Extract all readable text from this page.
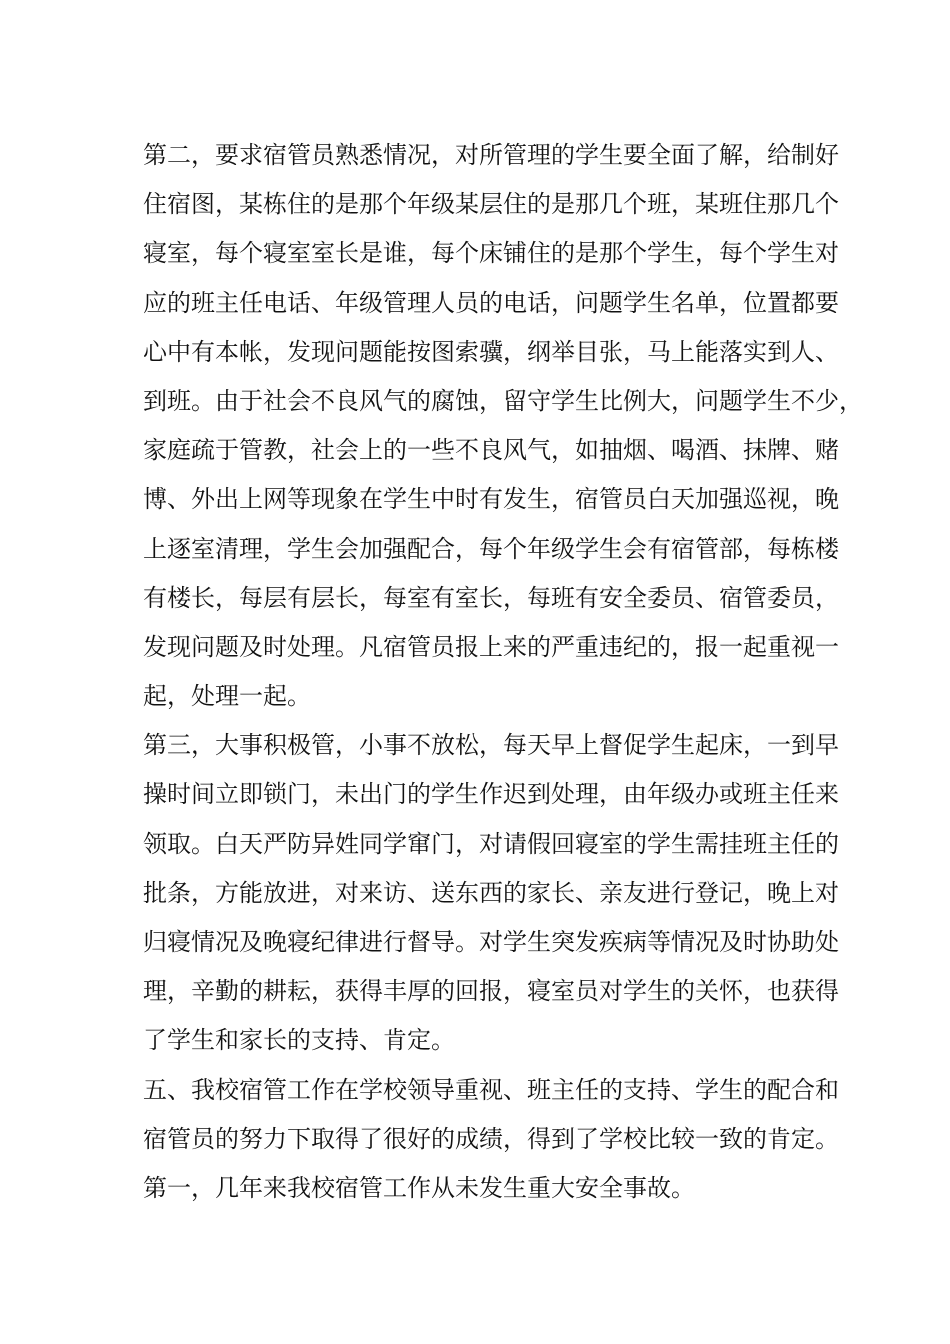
第二，要求宿管员熟悉情况，对所管理的学生要全面了解，给制好
住宿图，某栋住的是那个年级某层住的是那几个班，某班住那几个
寝室，每个寝室室长是谁，每个床铺住的是那个学生，每个学生对
应的班主任电话、年级管理人员的电话，问题学生名单，位置都要
心中有本帐，发现问题能按图索骥，纲举目张，马上能落实到人、
到班。由于社会不良风气的腐蚀，留守学生比例大，问题学生不少，
家庭疏于管教，社会上的一些不良风气，如抽烟、喝酒、抹牌、赌
博、外出上网等现象在学生中时有发生，宿管员白天加强巡视，晚
上逐室清理，学生会加强配合，每个年级学生会有宿管部，每栋楼
有楼长，每层有层长，每室有室长，每班有安全委员、宿管委员，
发现问题及时处理。凡宿管员报上来的严重违纪的，报一起重视一
起，处理一起。
第三，大事积极管，小事不放松，每天早上督促学生起床，一到早
操时间立即锁门，未出门的学生作迟到处理，由年级办或班主任来
领取。白天严防异姓同学窜门，对请假回寝室的学生需挂班主任的
批条，方能放进，对来访、送东西的家长、亲友进行登记，晚上对
归寝情况及晚寝纪律进行督导。对学生突发疾病等情况及时协助处
理，辛勤的耕耘，获得丰厚的回报，寝室员对学生的关怀，也获得
了学生和家长的支持、肯定。
五、我校宿管工作在学校领导重视、班主任的支持、学生的配合和
宿管员的努力下取得了很好的成绩，得到了学校比较一致的肯定。
第一，几年来我校宿管工作从未发生重大安全事故。
